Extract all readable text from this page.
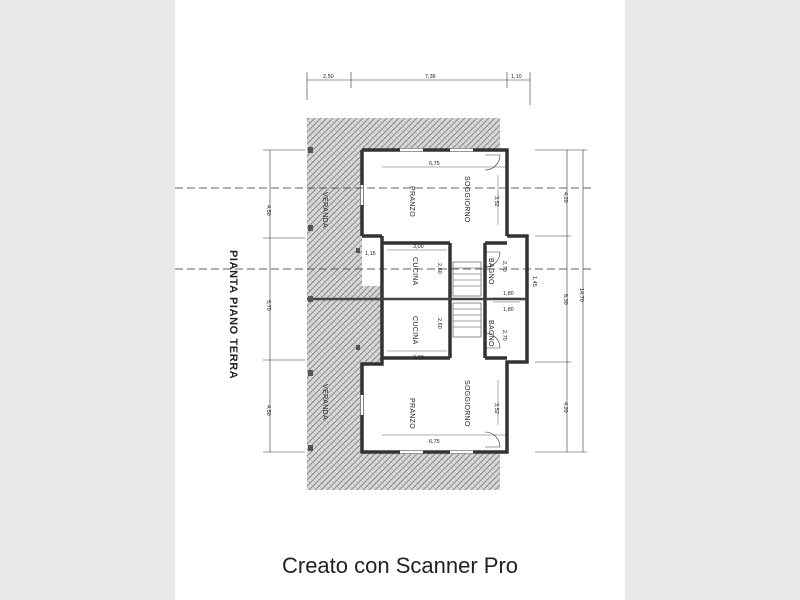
2,50	7,36	1,10
4,50
5,70
4,50
4,20
6,30
4,20
14,70
1,45
6,75
6,75
3,52
3,52
3,00
2,60
3,00
2,60
2,70
1,80
1,80
2,70
1,15
VERANDA	PRANZO	SOGGIORNO
CUCINA	BAGNO
CUCINA	BAGNO
VERANDA	PRANZO	SOGGIORNO
PIANTA PIANO TERRA
Creato con Scanner Pro
